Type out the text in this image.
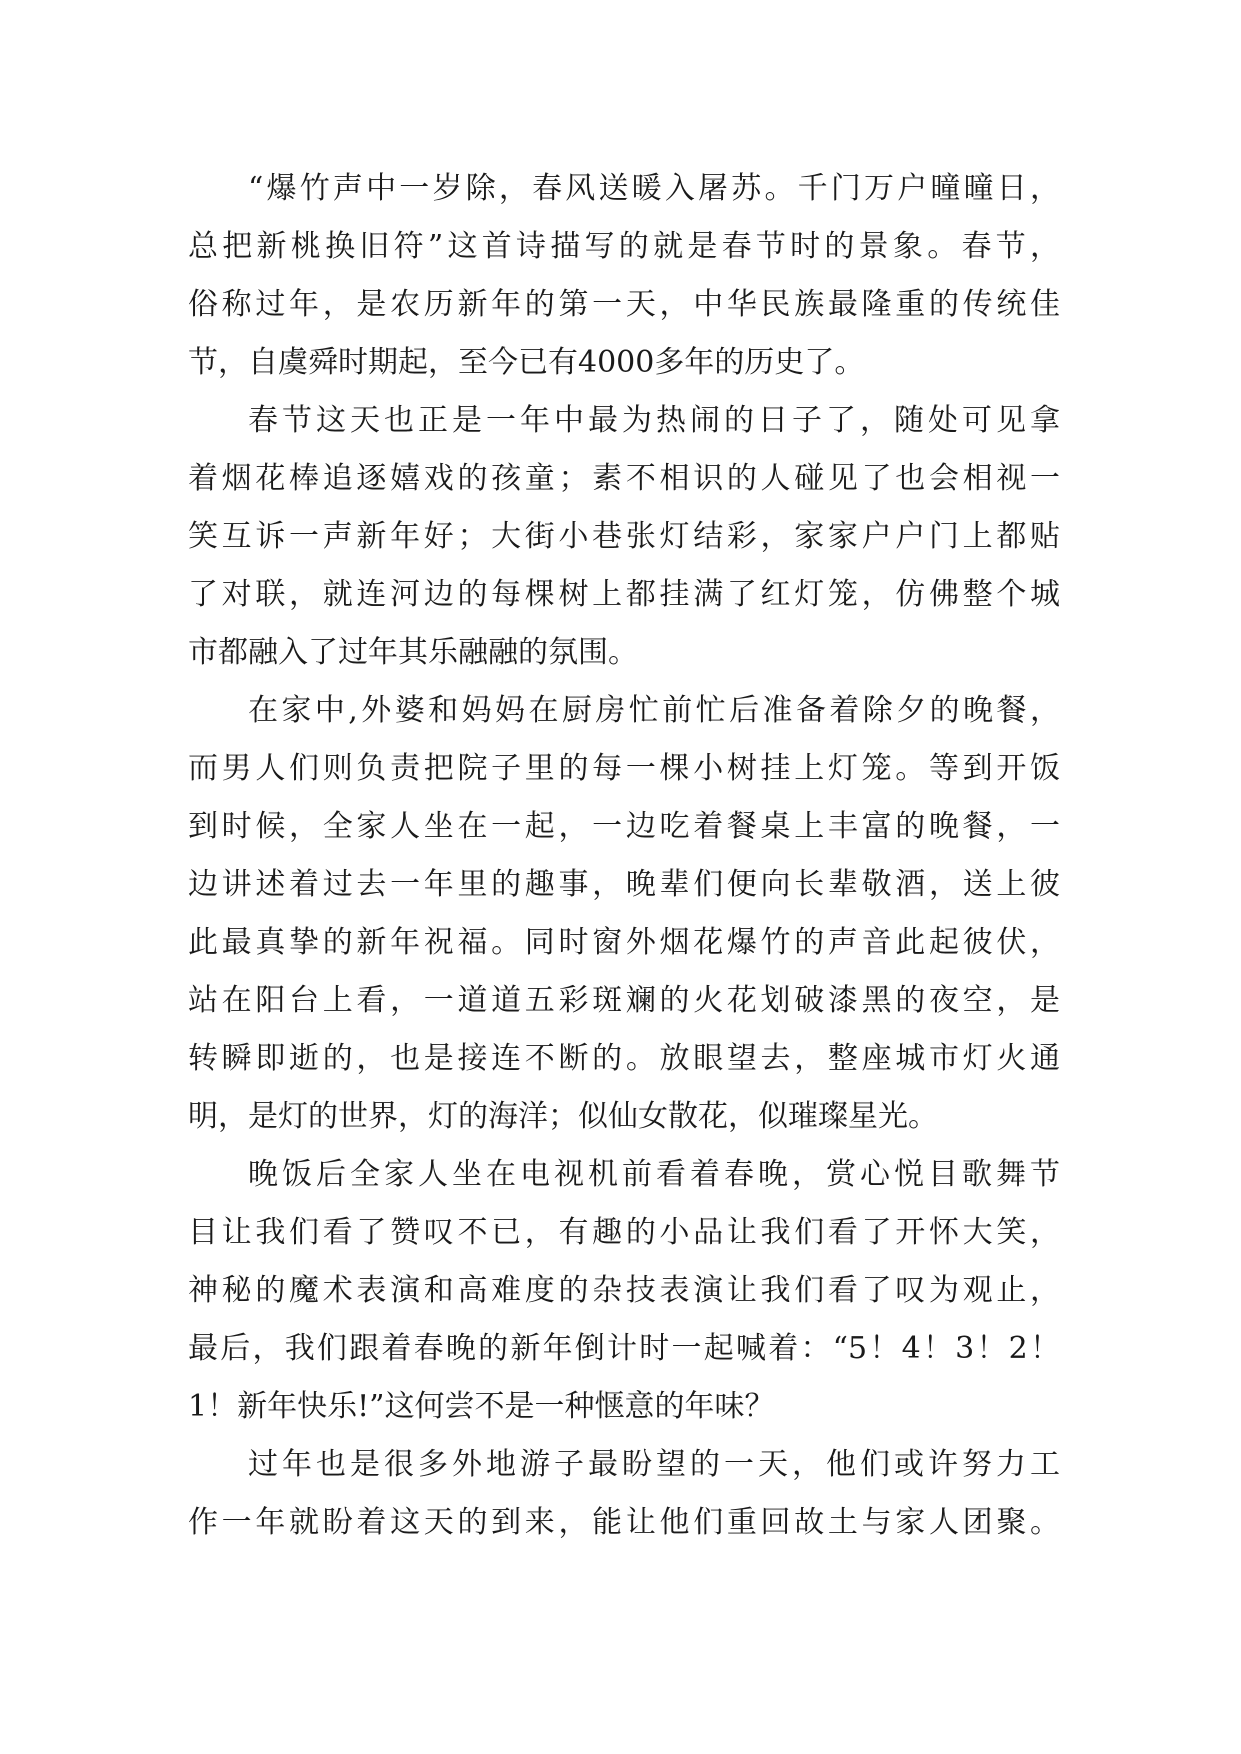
“爆竹声中一岁除，春风送暖入屠苏。千门万户曈曈日，
总把新桃换旧符”这首诗描写的就是春节时的景象。春节，
俗称过年，是农历新年的第一天，中华民族最隆重的传统佳
节，自虞舜时期起，至今已有4000多年的历史了。
春节这天也正是一年中最为热闹的日子了，随处可见拿
着烟花棒追逐嬉戏的孩童；素不相识的人碰见了也会相视一
笑互诉一声新年好；大街小巷张灯结彩，家家户户门上都贴
了对联，就连河边的每棵树上都挂满了红灯笼，仿佛整个城
市都融入了过年其乐融融的氛围。
在家中,外婆和妈妈在厨房忙前忙后准备着除夕的晚餐，
而男人们则负责把院子里的每一棵小树挂上灯笼。等到开饭
到时候，全家人坐在一起，一边吃着餐桌上丰富的晚餐，一
边讲述着过去一年里的趣事，晚辈们便向长辈敬酒，送上彼
此最真挚的新年祝福。同时窗外烟花爆竹的声音此起彼伏，
站在阳台上看，一道道五彩斑斓的火花划破漆黑的夜空，是
转瞬即逝的，也是接连不断的。放眼望去，整座城市灯火通
明，是灯的世界，灯的海洋；似仙女散花，似璀璨星光。
晚饭后全家人坐在电视机前看着春晚，赏心悦目歌舞节
目让我们看了赞叹不已，有趣的小品让我们看了开怀大笑，
神秘的魔术表演和高难度的杂技表演让我们看了叹为观止，
最后，我们跟着春晚的新年倒计时一起喊着：“5！4！3！2！
1！新年快乐!”这何尝不是一种惬意的年味？
过年也是很多外地游子最盼望的一天，他们或许努力工
作一年就盼着这天的到来，能让他们重回故土与家人团聚。
